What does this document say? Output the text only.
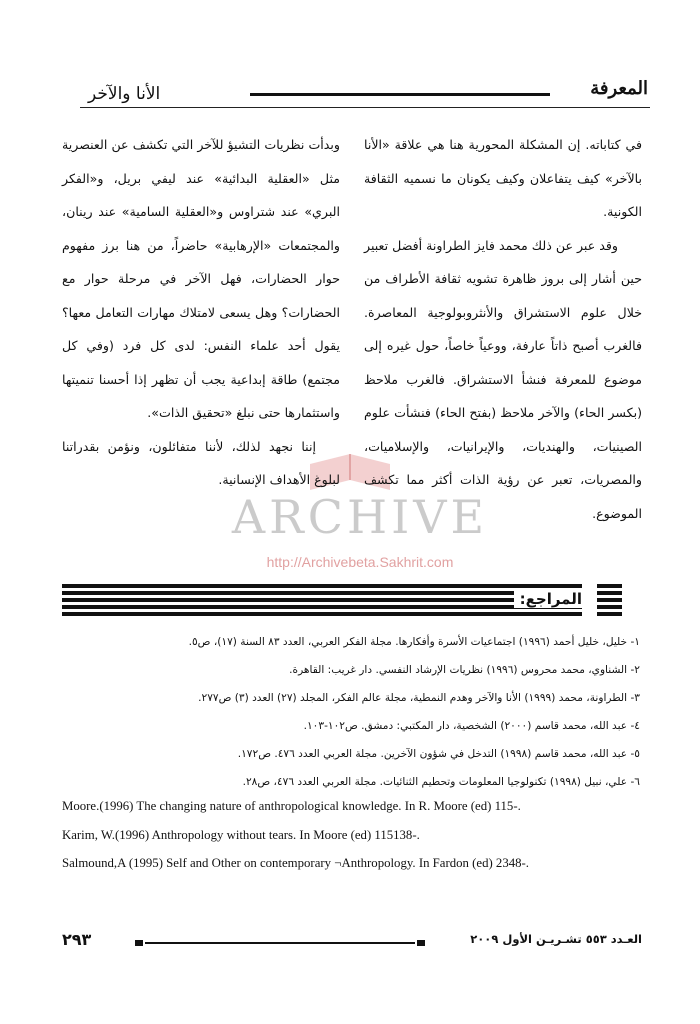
المعرفة
الأنا والآخر
ARCHIVE
http://Archivebeta.Sakhrit.com

في كتاباته. إن المشكلة المحورية هنا هي علاقة «الأنا بالآخر» كيف يتفاعلان وكيف يكونان ما نسميه الثقافة الكونية.

وقد عبر عن ذلك محمد فايز الطراونة أفضل تعبير حين أشار إلى بروز ظاهرة تشويه ثقافة الأطراف من خلال علوم الاستشراق والأنثروبولوجية المعاصرة. فالغرب أصبح ذاتاً عارفة، ووعياً خاصاً، حول غيره إلى موضوع للمعرفة فنشأ الاستشراق. فالغرب ملاحظ (بكسر الحاء) والآخر ملاحظ (بفتح الحاء) فنشأت علوم الصينيات، والهنديات، والإيرانيات، والإسلاميات، والمصريات، تعبر عن رؤية الذات أكثر مما تكشف الموضوع.

وبدأت نظريات التشيؤ للآخر التي تكشف عن العنصرية مثل «العقلية البدائية» عند ليفي بريل، و«الفكر البري» عند شتراوس و«العقلية السامية» عند رينان، والمجتمعات «الإرهابية» حاضراً، من هنا برز مفهوم حوار الحضارات، فهل الآخر في مرحلة حوار مع الحضارات؟ وهل يسعى لامتلاك مهارات التعامل معها؟ يقول أحد علماء النفس: لدى كل فرد (وفي كل مجتمع) طاقة إبداعية يجب أن تظهر إذا أحسنا تنميتها واستثمارها حتى نبلغ «تحقيق الذات».

إننا نجهد لذلك، لأننا متفائلون، ونؤمن بقدراتنا لبلوغ الأهداف الإنسانية.

المراجع:
١- خليل، خليل أحمد (١٩٩٦) اجتماعيات الأسرة وأفكارها. مجلة الفكر العربي، العدد ٨٣ السنة (١٧)، ص٥.
٢- الشناوي، محمد محروس (١٩٩٦) نظريات الإرشاد النفسي. دار غريب: القاهرة.
٣- الطراونة، محمد (١٩٩٩) الأنا والآخر وهدم النمطية، مجلة عالم الفكر، المجلد (٢٧) العدد (٣) ص٢٧٧.
٤- عبد الله، محمد قاسم (٢٠٠٠) الشخصية، دار المكتبي: دمشق. ص١٠٢-١٠٣.
٥- عبد الله، محمد قاسم (١٩٩٨) التدخل في شؤون الآخرين. مجلة العربي العدد ٤٧٦. ص١٧٢.
٦- علي، نبيل (١٩٩٨) تكنولوجيا المعلومات وتحطيم الثنائيات. مجلة العربي العدد ٤٧٦، ص٢٨.
Moore.(1996) The changing nature of anthropological knowledge. In R. Moore (ed) 115-.
Karim, W.(1996) Anthropology without tears. In Moore (ed) 115138-.
Salmound,A (1995) Self and Other on contemporary ¬Anthropology. In Fardon (ed) 2348-.
٢٩٣	العـدد ٥٥٣ تشـريـن الأول ٢٠٠٩
